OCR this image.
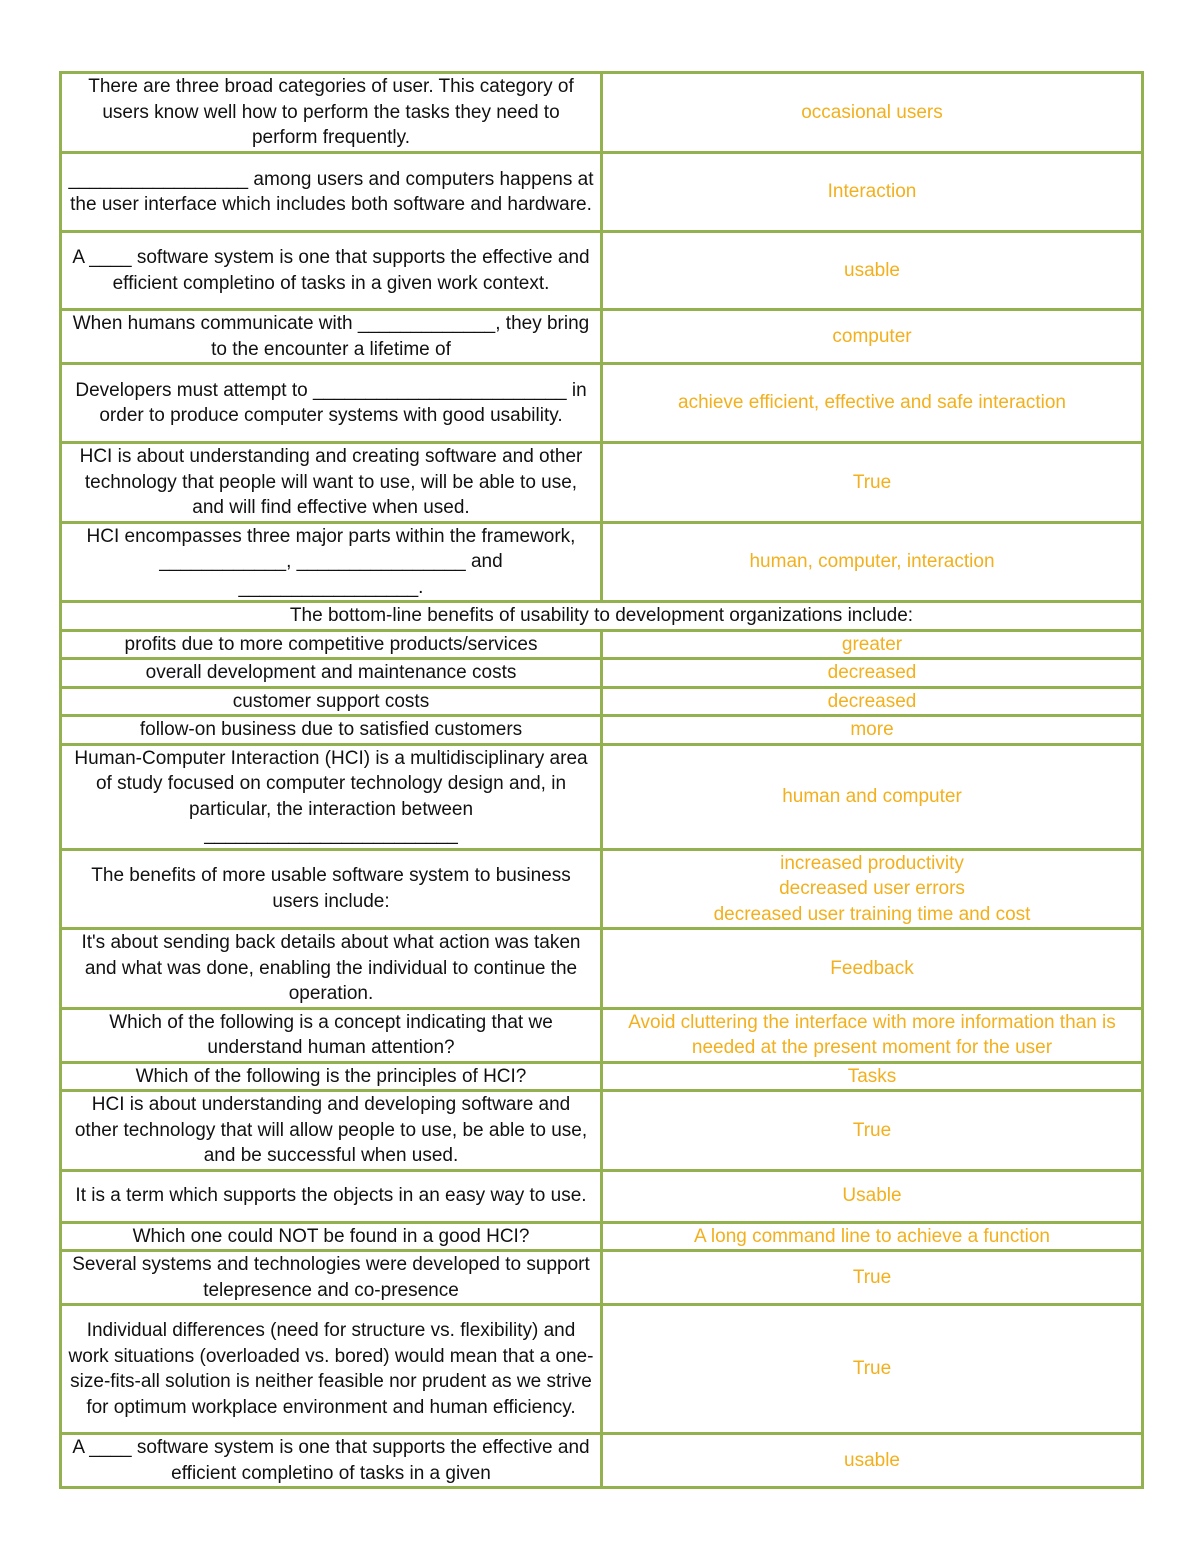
There are three broad categories of user. This category of users know well how to perform the tasks they need to perform frequently.	occasional users
_________________ among users and computers happens at the user interface which includes both software and hardware.	Interaction
A ____ software system is one that supports the effective and efficient completino of tasks in a given work context.	usable
When humans communicate with _____________, they bring to the encounter a lifetime of	computer
Developers must attempt to ________________________ in order to produce computer systems with good usability.	achieve efficient, effective and safe interaction
HCI is about understanding and creating software and other technology that people will want to use, will be able to use, and will find effective when used.	True
HCI encompasses three major parts within the framework, ____________, ________________ and _________________.	human, computer, interaction
The bottom-line benefits of usability to development organizations include:	
profits due to more competitive products/services	greater
overall development and maintenance costs	decreased
customer support costs	decreased
follow-on business due to satisfied customers	more
Human-Computer Interaction (HCI) is a multidisciplinary area of study focused on computer technology design and, in particular, the interaction between ________________________	human and computer
The benefits of more usable software system to business users include:	increased productivity
decreased user errors
decreased user training time and cost
It's about sending back details about what action was taken and what was done, enabling the individual to continue the operation.	Feedback
Which of the following is a concept indicating that we understand human attention?	Avoid cluttering the interface with more information than is needed at the present moment for the user
Which of the following is the principles of HCI?	Tasks
HCI is about understanding and developing software and other technology that will allow people to use, be able to use, and be successful when used.	True
It is a term which supports the objects in an easy way to use.	Usable
Which one could NOT be found in a good HCI?	A long command line to achieve a function
Several systems and technologies were developed to support telepresence and co-presence	True
Individual differences (need for structure vs. flexibility) and work situations (overloaded vs. bored) would mean that a one-size-fits-all solution is neither feasible nor prudent as we strive for optimum workplace environment and human efficiency.	True
A ____ software system is one that supports the effective and efficient completino of tasks in a given	usable
